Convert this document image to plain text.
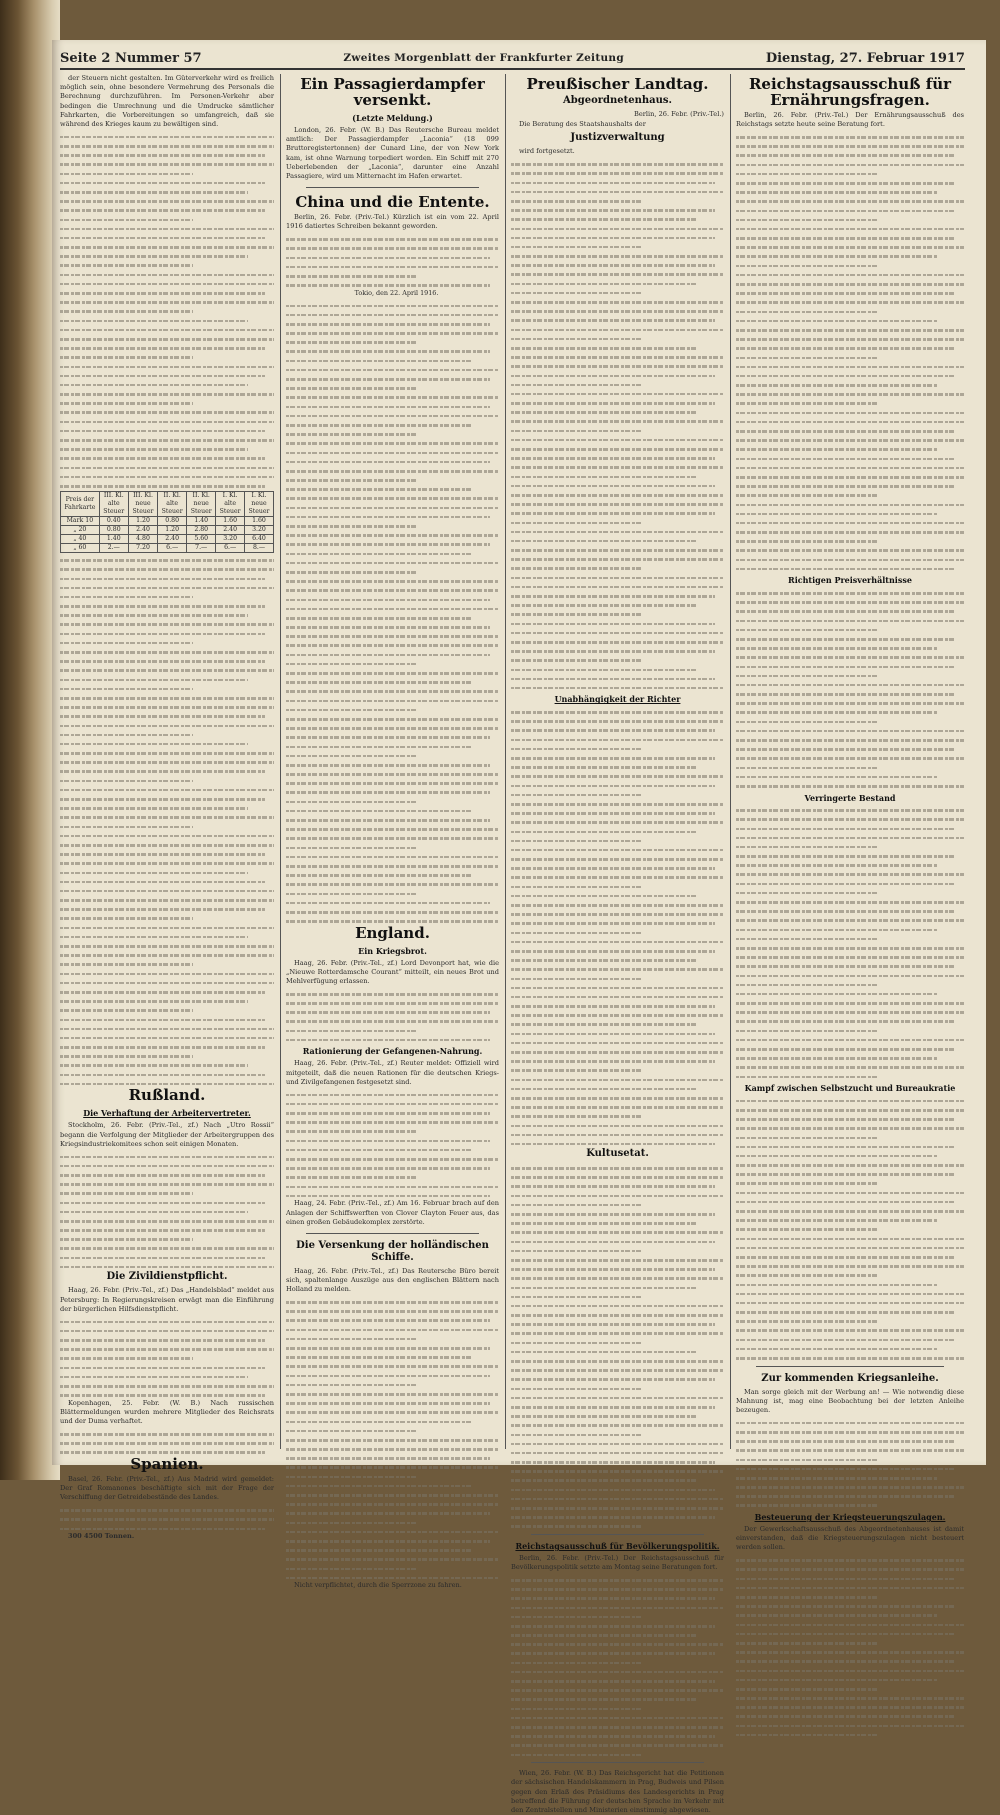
Seite 2 Nummer 57	Zweites Morgenblatt der Frankfurter Zeitung	Dienstag, 27. Februar 1917

der Steuern nicht gestalten. Im Güterverkehr wird es freilich möglich sein, ohne besondere Vermehrung des Personals die Berechnung durchzuführen. Im Personen-Verkehr aber bedingen die Umrechnung und die Umdrucke sämtlicher Fahrkarten, die Vorbereitungen so umfangreich, daß sie während des Krieges kaum zu bewältigen sind.

Preis der Fahrkarte	III. Kl. alte Steuer	III. Kl. neue Steuer	II. Kl. alte Steuer	II. Kl. neue Steuer	I. Kl. alte Steuer	I. Kl. neue Steuer
Mark 10	0.40	1.20	0.80	1.40	1.60	1.60
„ 20	0.80	2.40	1.20	2.80	2.40	3.20
„ 40	1.40	4.80	2.40	5.60	3.20	6.40
„ 60	2.—	7.20	6.—	7.—	6.—	8.—
Rußland.
Die Verhaftung der Arbeitervertreter.

Stockholm, 26. Febr. (Priv.-Tel., zf.) Nach „Utro Rossii“ begann die Verfolgung der Mitglieder der Arbeitergruppen des Kriegsindustriekomitees schon seit einigen Monaten.

Die Zivildienstpflicht.

Haag, 26. Febr. (Priv.-Tel., zf.) Das „Handelsblad“ meldet aus Petersburg: In Regierungskreisen erwägt man die Einführung der bürgerlichen Hilfsdienstpflicht.

Kopenhagen, 25. Febr. (W. B.) Nach russischen Blättermeldungen wurden mehrere Mitglieder des Reichsrats und der Duma verhaftet.

Spanien.

Basel, 26. Febr. (Priv.-Tel., zf.) Aus Madrid wird gemeldet: Der Graf Romanones beschäftigte sich mit der Frage der Verschiffung der Getreidebestände des Landes.

300 4500 Tonnen.

Ein Passagierdampfer versenkt.
(Letzte Meldung.)

London, 26. Febr. (W. B.) Das Reutersche Bureau meldet amtlich: Der Passagierdampfer „Laconia“ (18 099 Bruttoregistertonnen) der Cunard Line, der von New York kam, ist ohne Warnung torpediert worden. Ein Schiff mit 270 Ueberlebenden der „Laconia“, darunter eine Anzahl Passagiere, wird um Mitternacht im Hafen erwartet.

China und die Entente.

Berlin, 26. Febr. (Priv.-Tel.) Kürzlich ist ein vom 22. April 1916 datiertes Schreiben bekannt geworden.

Tokio, den 22. April 1916.

England.
Ein Kriegsbrot.

Haag, 26. Febr. (Priv.-Tel., zf.) Lord Devonport hat, wie die „Nieuwe Rotterdamsche Courant“ mitteilt, ein neues Brot und Mehlverfügung erlassen.

Rationierung der Gefangenen-Nahrung.

Haag, 26. Febr. (Priv.-Tel., zf.) Reuter meldet: Offiziell wird mitgeteilt, daß die neuen Rationen für die deutschen Kriegs- und Zivilgefangenen festgesetzt sind.

Haag, 24. Febr. (Priv.-Tel., zf.) Am 16. Februar brach auf den Anlagen der Schiffswerften von Clover Clayton Feuer aus, das einen großen Gebäudekomplex zerstörte.

Die Versenkung der holländischen Schiffe.

Haag, 26. Febr. (Priv.-Tel., zf.) Das Reutersche Büro bereit sich, spaltenlange Auszüge aus den englischen Blättern nach Holland zu melden.

Nicht verpflichtet, durch die Sperrzone zu fahren.

Preußischer Landtag.
Abgeordnetenhaus.

Berlin, 26. Febr. (Priv.-Tel.)

Die Beratung des Staatshaushalts der

Justizverwaltung

wird fortgesetzt.

Unabhängigkeit der Richter
Kultusetat.
Reichstagsausschuß für Bevölkerungspolitik.

Berlin, 26. Febr. (Priv.-Tel.) Der Reichstagsausschuß für Bevölkerungspolitik setzte am Montag seine Beratungen fort.

Wien, 26. Febr. (W. B.) Das Reichsgericht hat die Petitionen der sächsischen Handelskammern in Prag, Budweis und Pilsen gegen den Erlaß des Präsidiums des Landesgerichts in Prag betreffend die Führung der deutschen Sprache im Verkehr mit den Zentralstellen und Ministerien einstimmig abgewiesen.

Reichstagsausschuß für Ernährungsfragen.

Berlin, 26. Febr. (Priv.-Tel.) Der Ernährungsausschuß des Reichstags setzte heute seine Beratung fort.

Richtigen Preisverhältnisse
Verringerte Bestand
Kampf zwischen Selbstzucht und Bureaukratie
Zur kommenden Kriegsanleihe.

Man sorge gleich mit der Werbung an! — Wie notwendig diese Mahnung ist, mag eine Beobachtung bei der letzten Anleihe bezeugen.

Besteuerung der Kriegsteuerungszulagen.

Der Gewerkschaftsausschuß des Abgeordnetenhauses ist damit einverstanden, daß die Kriegsteuerungszulagen nicht besteuert werden sollen.
